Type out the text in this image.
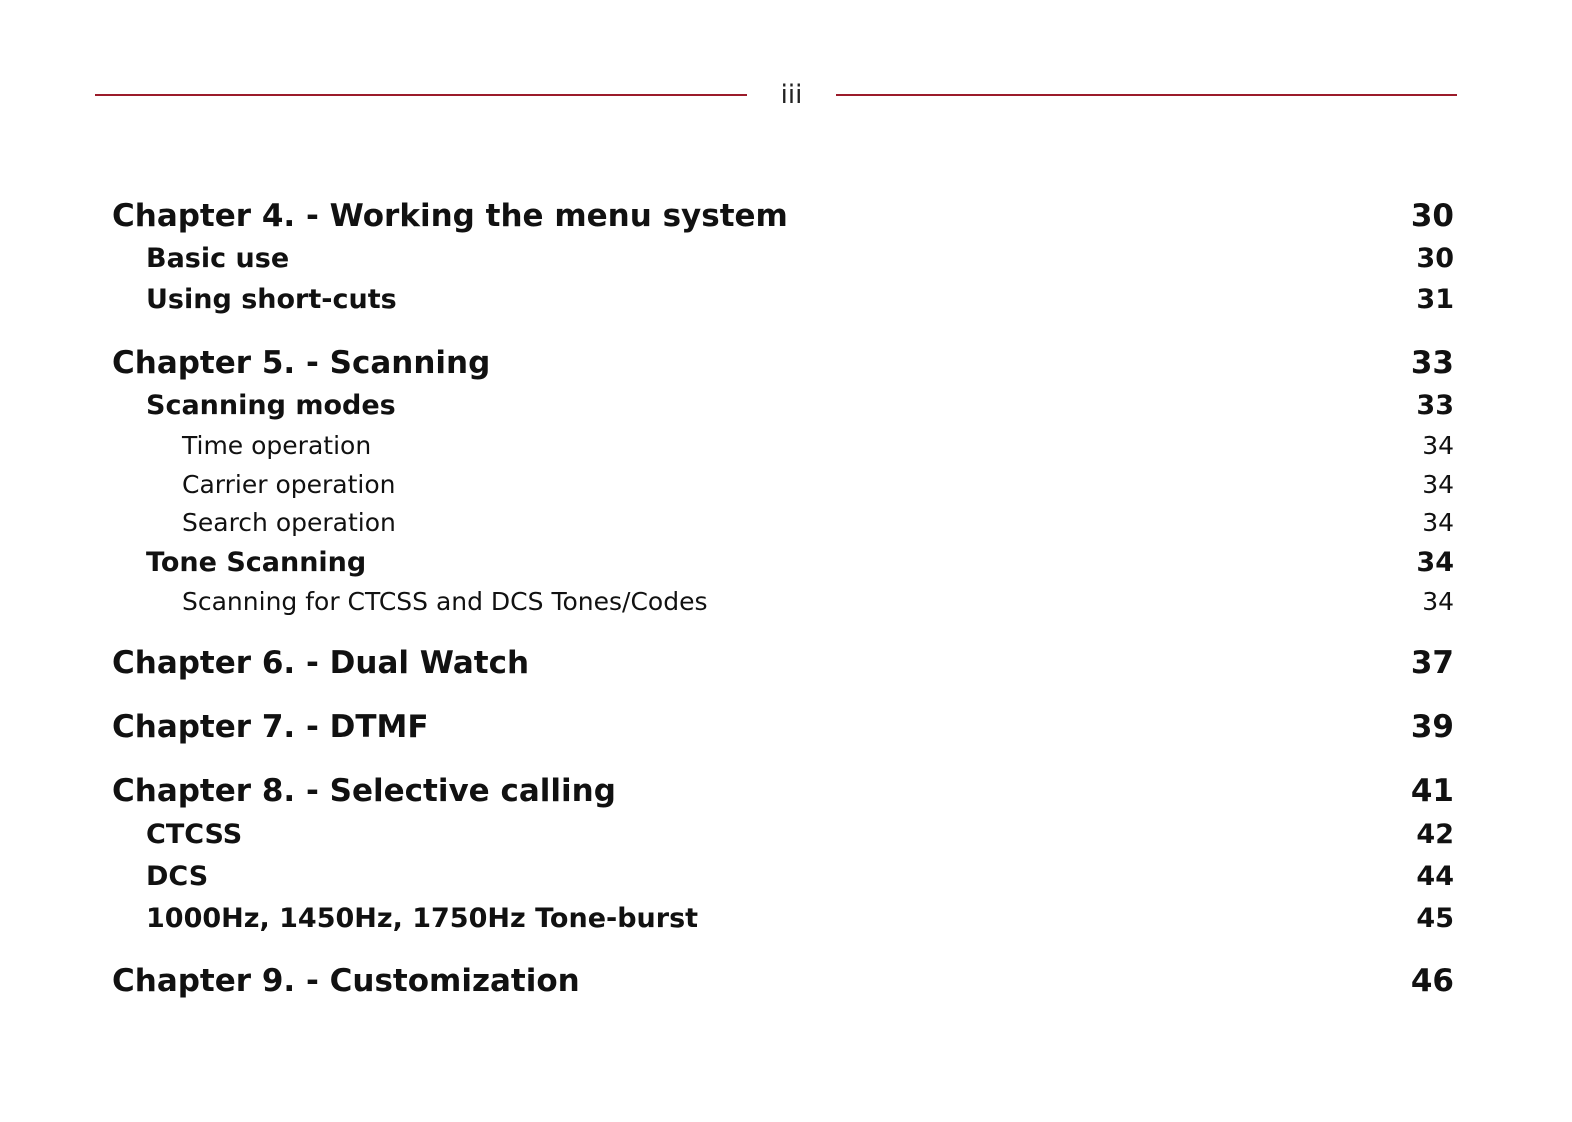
iii
Chapter 4. - Working the menu system	30
Basic use	30
Using short-cuts	31
Chapter 5. - Scanning	33
Scanning modes	33
Time operation	34
Carrier operation	34
Search operation	34
Tone Scanning	34
Scanning for CTCSS and DCS Tones/Codes	34
Chapter 6. - Dual Watch	37
Chapter 7. - DTMF	39
Chapter 8. - Selective calling	41
CTCSS	42
DCS	44
1000Hz, 1450Hz, 1750Hz Tone-burst	45
Chapter 9. - Customization	46
